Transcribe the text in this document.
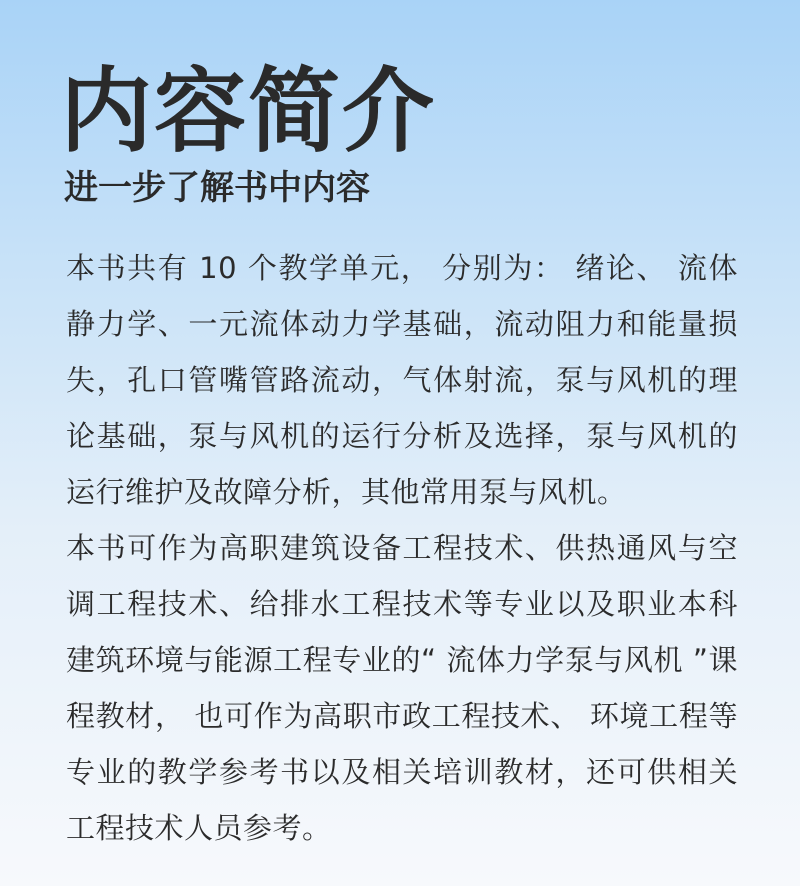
内容简介
进一步了解书中内容

本书共有 10 个教学单元， 分别为： 绪论、 流体静力学、一元流体动力学基础，流动阻力和能量损失，孔口管嘴管路流动，气体射流，泵与风机的理论基础，泵与风机的运行分析及选择，泵与风机的运行维护及故障分析，其他常用泵与风机。

本书可作为高职建筑设备工程技术、供热通风与空调工程技术、给排水工程技术等专业以及职业本科建筑环境与能源工程专业的“ 流体力学泵与风机 ”课程教材， 也可作为高职市政工程技术、 环境工程等专业的教学参考书以及相关培训教材，还可供相关工程技术人员参考。
